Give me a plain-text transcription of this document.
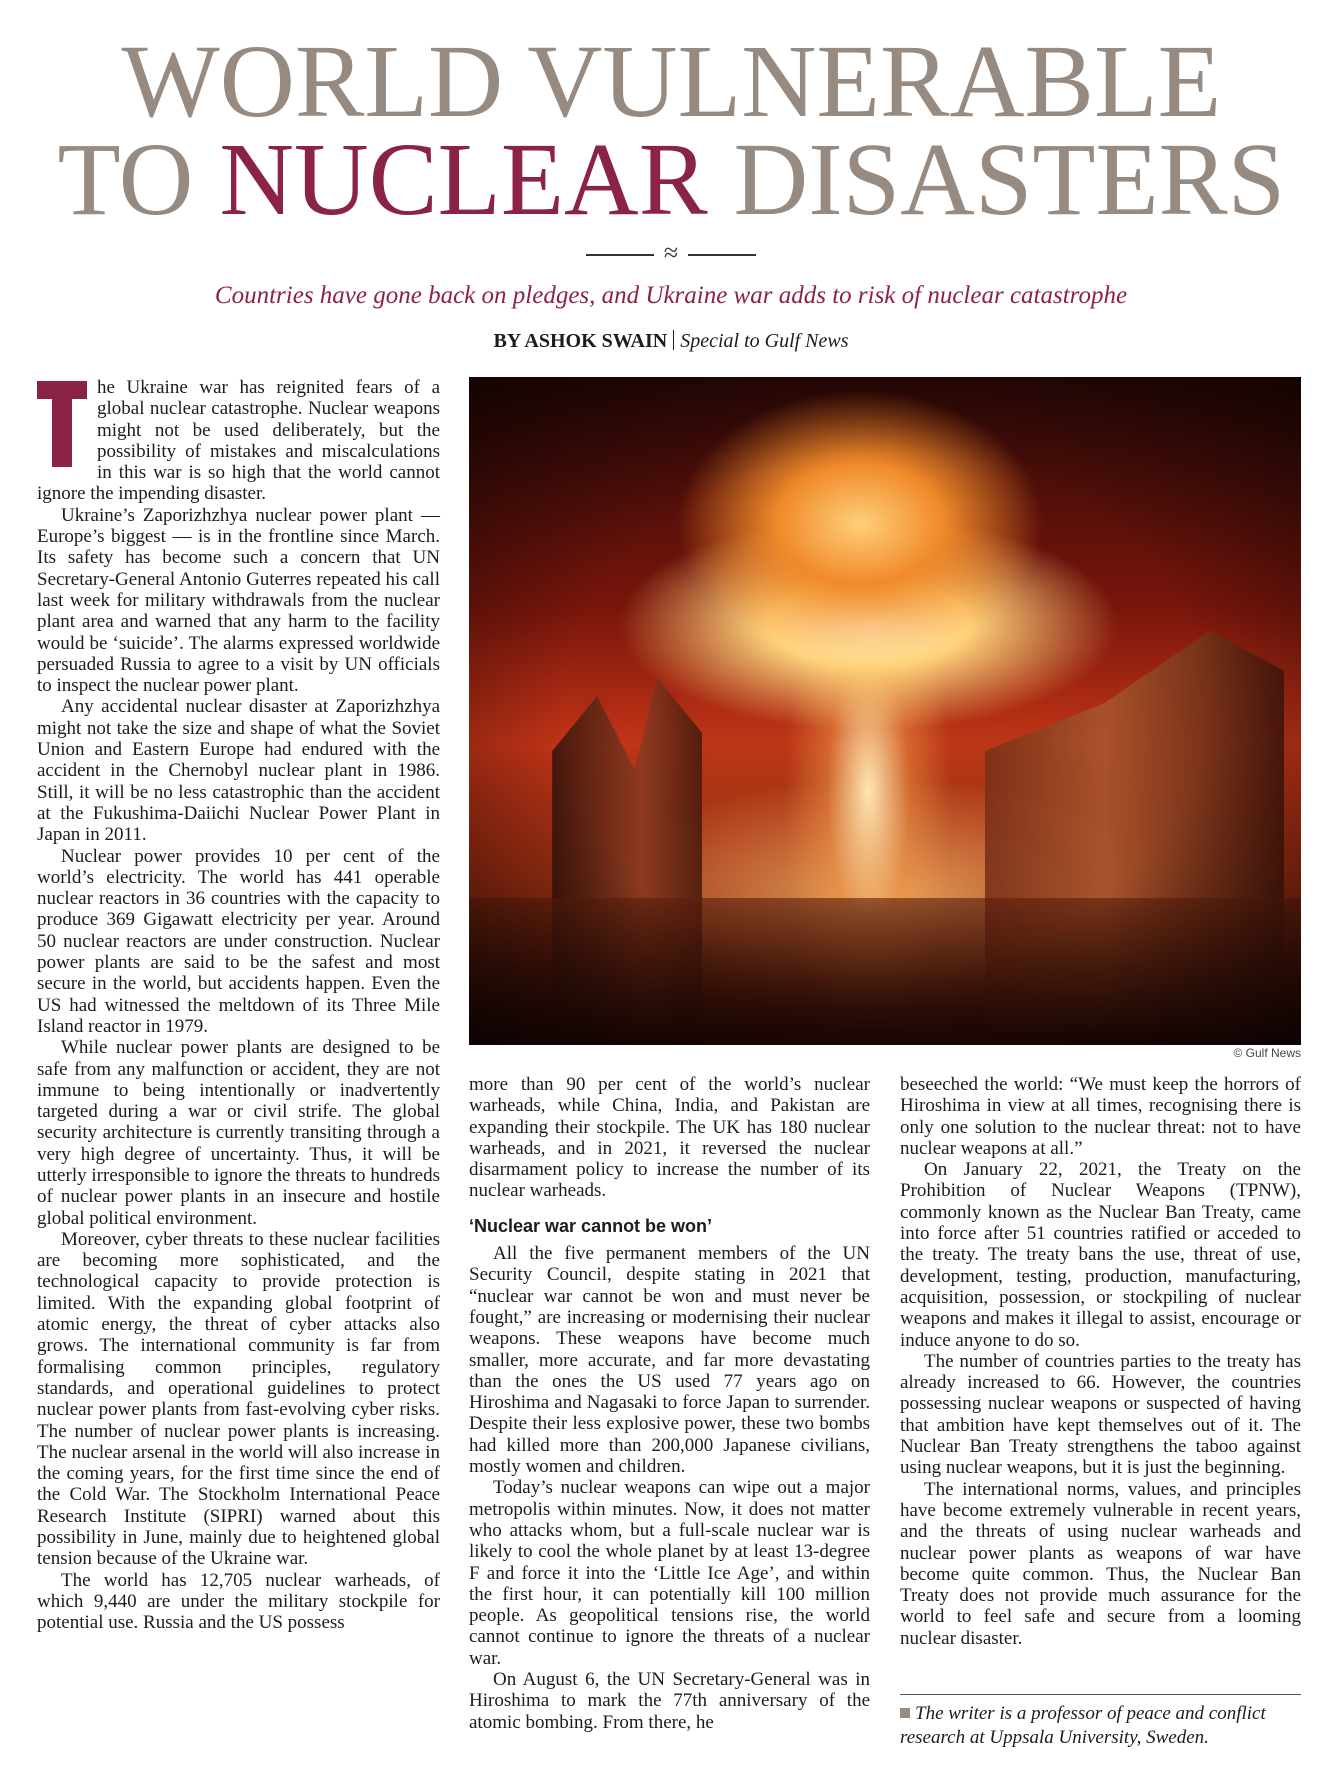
WORLD VULNERABLE
TO NUCLEAR DISASTERS
≈
Countries have gone back on pledges, and Ukraine war adds to risk of nuclear catastrophe
BY ASHOK SWAIN Special to Gulf News

he Ukraine war has reignited fears of a global nuclear catastrophe. Nuclear weapons might not be used deliberately, but the possibility of mistakes and miscalculations in this war is so high that the world cannot ignore the impending disaster.

Ukraine’s Zaporizhzhya nuclear power plant — Europe’s biggest — is in the frontline since March. Its safety has become such a concern that UN Secretary-General Antonio Guterres repeated his call last week for military withdrawals from the nuclear plant area and warned that any harm to the facility would be ‘suicide’. The alarms expressed worldwide persuaded Russia to agree to a visit by UN officials to inspect the nuclear power plant.

Any accidental nuclear disaster at Zaporizhzhya might not take the size and shape of what the Soviet Union and Eastern Europe had endured with the accident in the Chernobyl nuclear plant in 1986. Still, it will be no less catastrophic than the accident at the Fukushima-Daiichi Nuclear Power Plant in Japan in 2011.

Nuclear power provides 10 per cent of the world’s electricity. The world has 441 operable nuclear reactors in 36 countries with the capacity to produce 369 Gigawatt electricity per year. Around 50 nuclear reactors are under construction. Nuclear power plants are said to be the safest and most secure in the world, but accidents happen. Even the US had witnessed the meltdown of its Three Mile Island reactor in 1979.

While nuclear power plants are designed to be safe from any malfunction or accident, they are not immune to being intentionally or inadvertently targeted during a war or civil strife. The global security architecture is currently transiting through a very high degree of uncertainty. Thus, it will be utterly irresponsible to ignore the threats to hundreds of nuclear power plants in an insecure and hostile global political environment.

Moreover, cyber threats to these nuclear facilities are becoming more sophisticated, and the technological capacity to provide protection is limited. With the expanding global footprint of atomic energy, the threat of cyber attacks also grows. The international community is far from formalising common principles, regulatory standards, and operational guidelines to protect nuclear power plants from fast-evolving cyber risks. The number of nuclear power plants is increasing. The nuclear arsenal in the world will also increase in the coming years, for the first time since the end of the Cold War. The Stockholm International Peace Research Institute (SIPRI) warned about this possibility in June, mainly due to heightened global tension because of the Ukraine war.

The world has 12,705 nuclear warheads, of which 9,440 are under the military stockpile for potential use. Russia and the US possess

© Gulf News

more than 90 per cent of the world’s nuclear warheads, while China, India, and Pakistan are expanding their stockpile. The UK has 180 nuclear warheads, and in 2021, it reversed the nuclear disarmament policy to increase the number of its nuclear warheads.

‘Nuclear war cannot be won’

All the five permanent members of the UN Security Council, despite stating in 2021 that “nuclear war cannot be won and must never be fought,” are increasing or modernising their nuclear weapons. These weapons have become much smaller, more accurate, and far more devastating than the ones the US used 77 years ago on Hiroshima and Nagasaki to force Japan to surrender. Despite their less explosive power, these two bombs had killed more than 200,000 Japanese civilians, mostly women and children.

Today’s nuclear weapons can wipe out a major metropolis within minutes. Now, it does not matter who attacks whom, but a full-scale nuclear war is likely to cool the whole planet by at least 13-degree F and force it into the ‘Little Ice Age’, and within the first hour, it can potentially kill 100 million people. As geopolitical tensions rise, the world cannot continue to ignore the threats of a nuclear war.

On August 6, the UN Secretary-General was in Hiroshima to mark the 77th anniversary of the atomic bombing. From there, he

beseeched the world: “We must keep the horrors of Hiroshima in view at all times, recognising there is only one solution to the nuclear threat: not to have nuclear weapons at all.”

On January 22, 2021, the Treaty on the Prohibition of Nuclear Weapons (TPNW), commonly known as the Nuclear Ban Treaty, came into force after 51 countries ratified or acceded to the treaty. The treaty bans the use, threat of use, development, testing, production, manufacturing, acquisition, possession, or stockpiling of nuclear weapons and makes it illegal to assist, encourage or induce anyone to do so.

The number of countries parties to the treaty has already increased to 66. However, the countries possessing nuclear weapons or suspected of having that ambition have kept themselves out of it. The Nuclear Ban Treaty strengthens the taboo against using nuclear weapons, but it is just the beginning.

The international norms, values, and principles have become extremely vulnerable in recent years, and the threats of using nuclear warheads and nuclear power plants as weapons of war have become quite common. Thus, the Nuclear Ban Treaty does not provide much assurance for the world to feel safe and secure from a looming nuclear disaster.

The writer is a professor of peace and conflict research at Uppsala University, Sweden.
